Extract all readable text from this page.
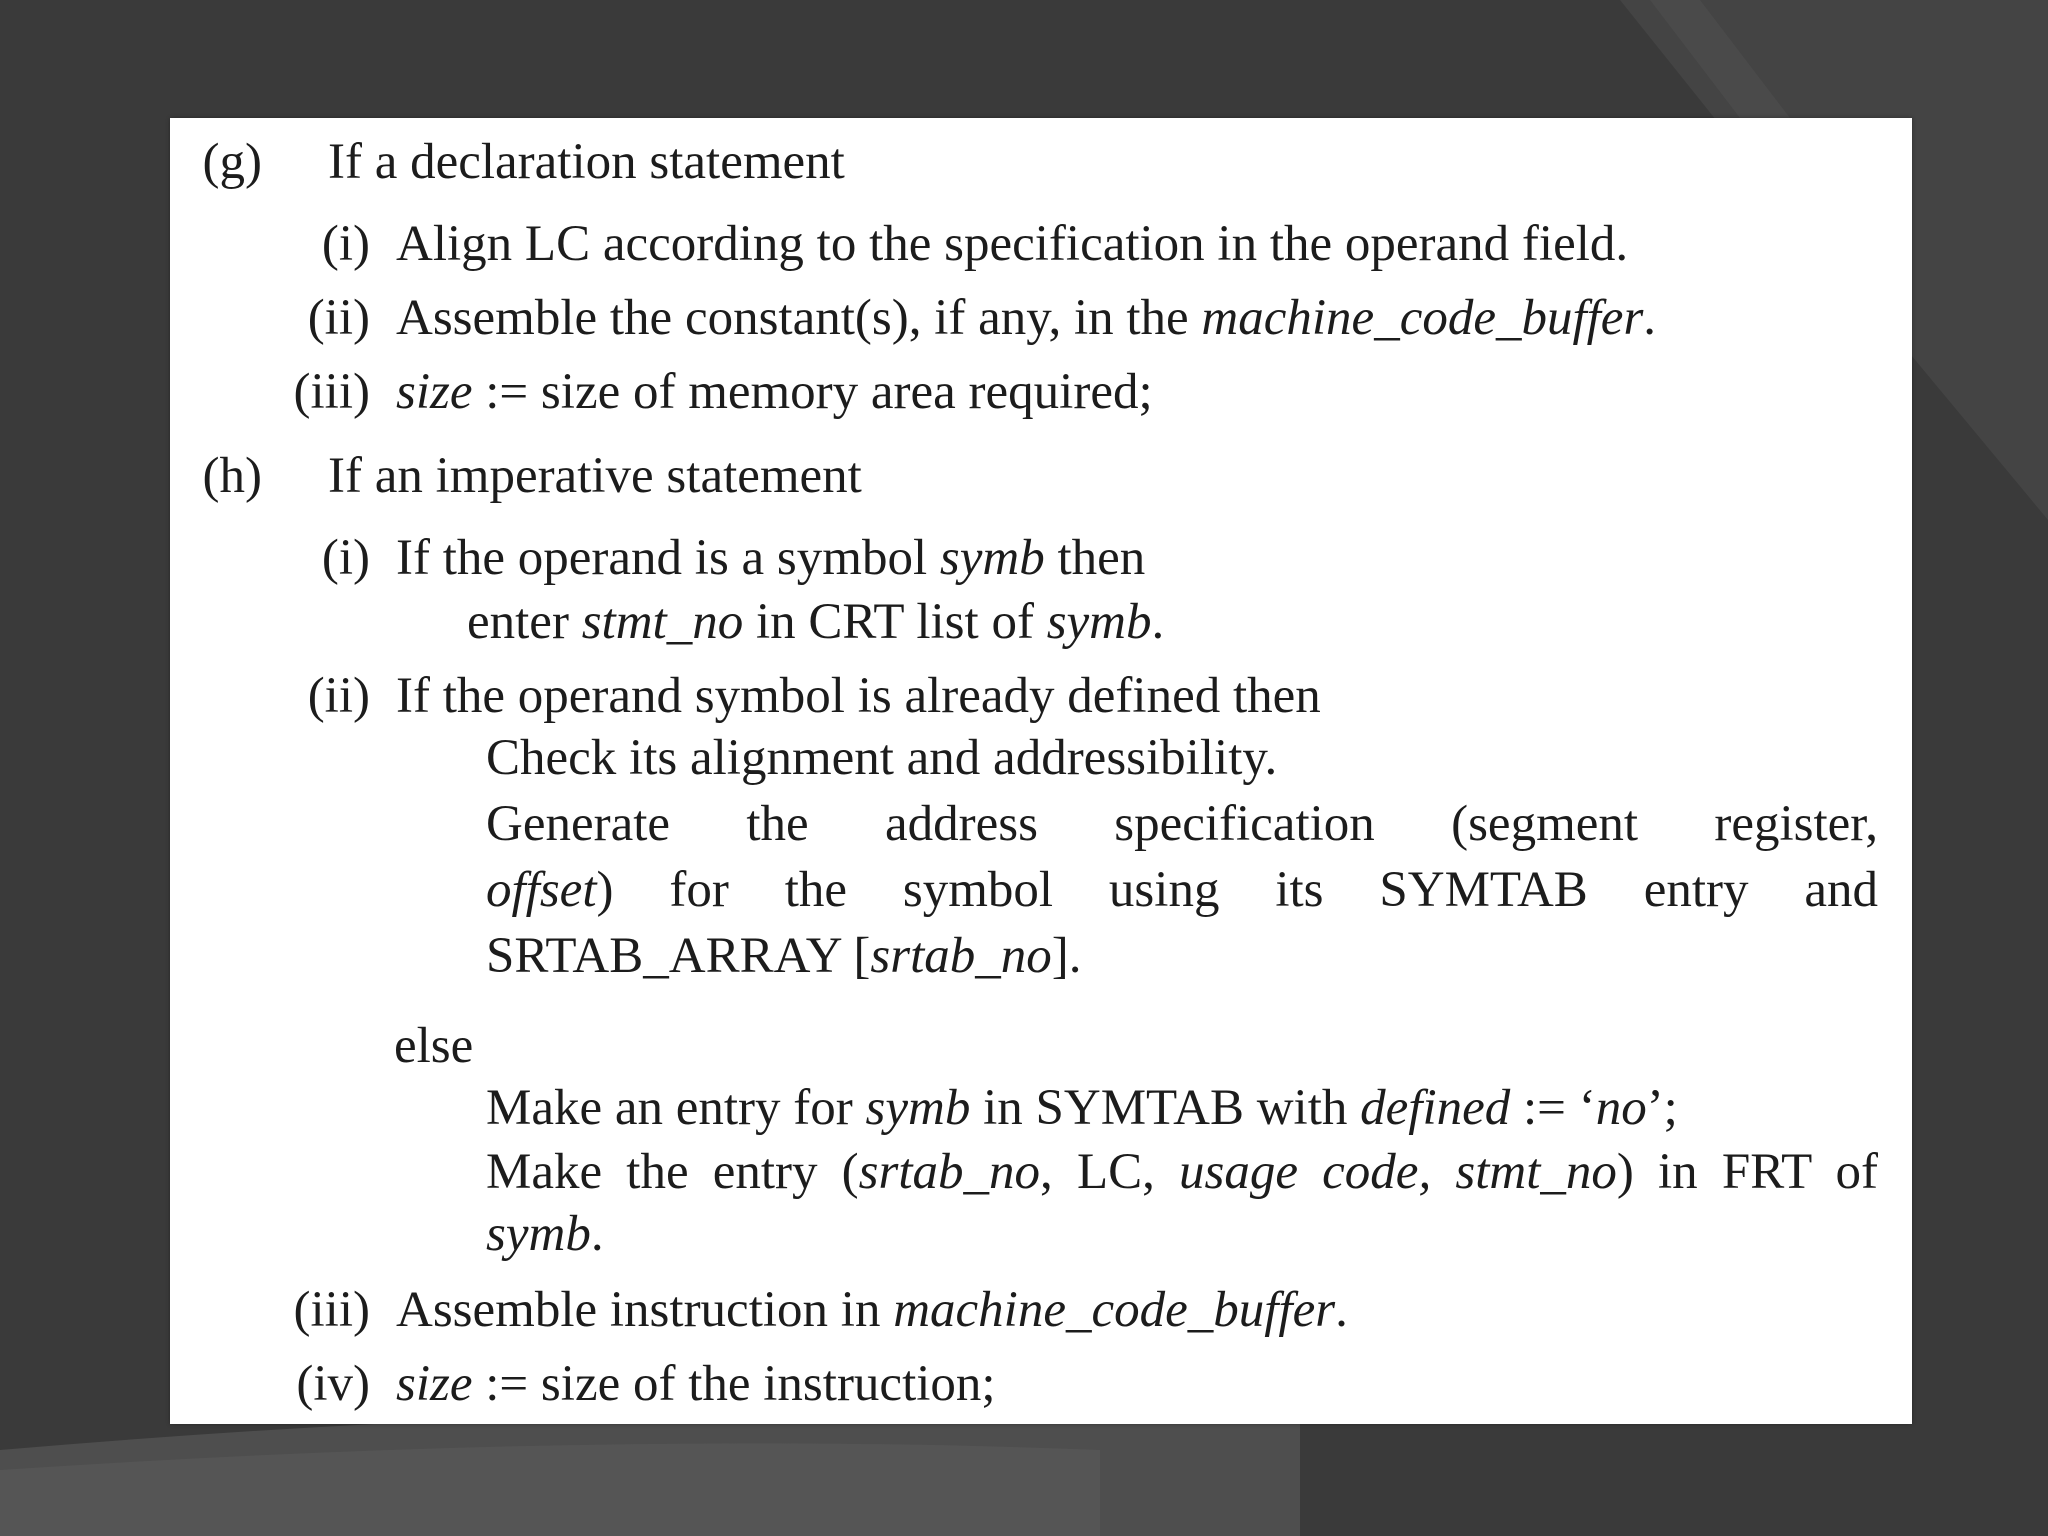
(g) If a declaration statement

(i) Align LC according to the specification in the operand field.

(ii) Assemble the constant(s), if any, in the machine_code_buffer.

(iii) size := size of memory area required;

(h) If an imperative statement

(i) If the operand is a symbol symb then

enter stmt_no in CRT list of symb.

(ii) If the operand symbol is already defined then

Check its alignment and addressibility.

Generate the address specification (segment register,

offset) for the symbol using its SYMTAB entry and

SRTAB_ARRAY [srtab_no].

else

Make an entry for symb in SYMTAB with defined := ‘no’;

Make the entry (srtab_no, LC, usage code, stmt_no) in FRT of

symb.

(iii) Assemble instruction in machine_code_buffer.

(iv) size := size of the instruction;
